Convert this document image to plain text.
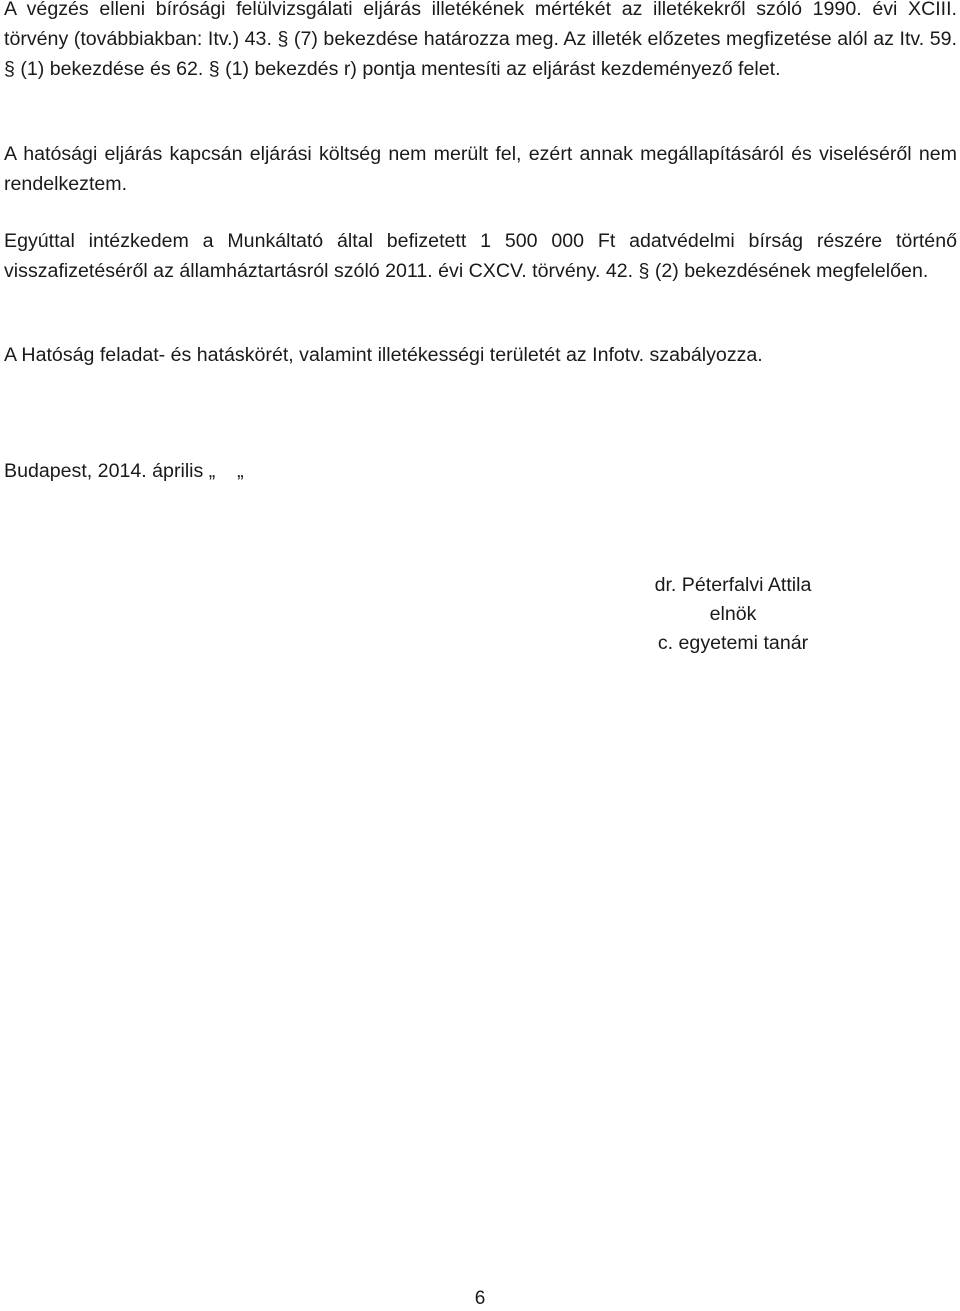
A végzés elleni bírósági felülvizsgálati eljárás illetékének mértékét az illetékekről szóló 1990. évi XCIII. törvény (továbbiakban: Itv.) 43. § (7) bekezdése határozza meg. Az illeték előzetes megfizetése alól az Itv. 59. § (1) bekezdése és 62. § (1) bekezdés r) pontja mentesíti az eljárást kezdeményező felet.

A hatósági eljárás kapcsán eljárási költség nem merült fel, ezért annak megállapításáról és viseléséről nem rendelkeztem.

Egyúttal intézkedem a Munkáltató által befizetett 1 500 000 Ft adatvédelmi bírság részére történő visszafizetéséről az államháztartásról szóló 2011. évi CXCV. törvény. 42. § (2) bekezdésének megfelelően.

A Hatóság feladat- és hatáskörét, valamint illetékességi területét az Infotv. szabályozza.

Budapest, 2014. április „    „
dr. Péterfalvi Attila
elnök
c. egyetemi tanár
6
